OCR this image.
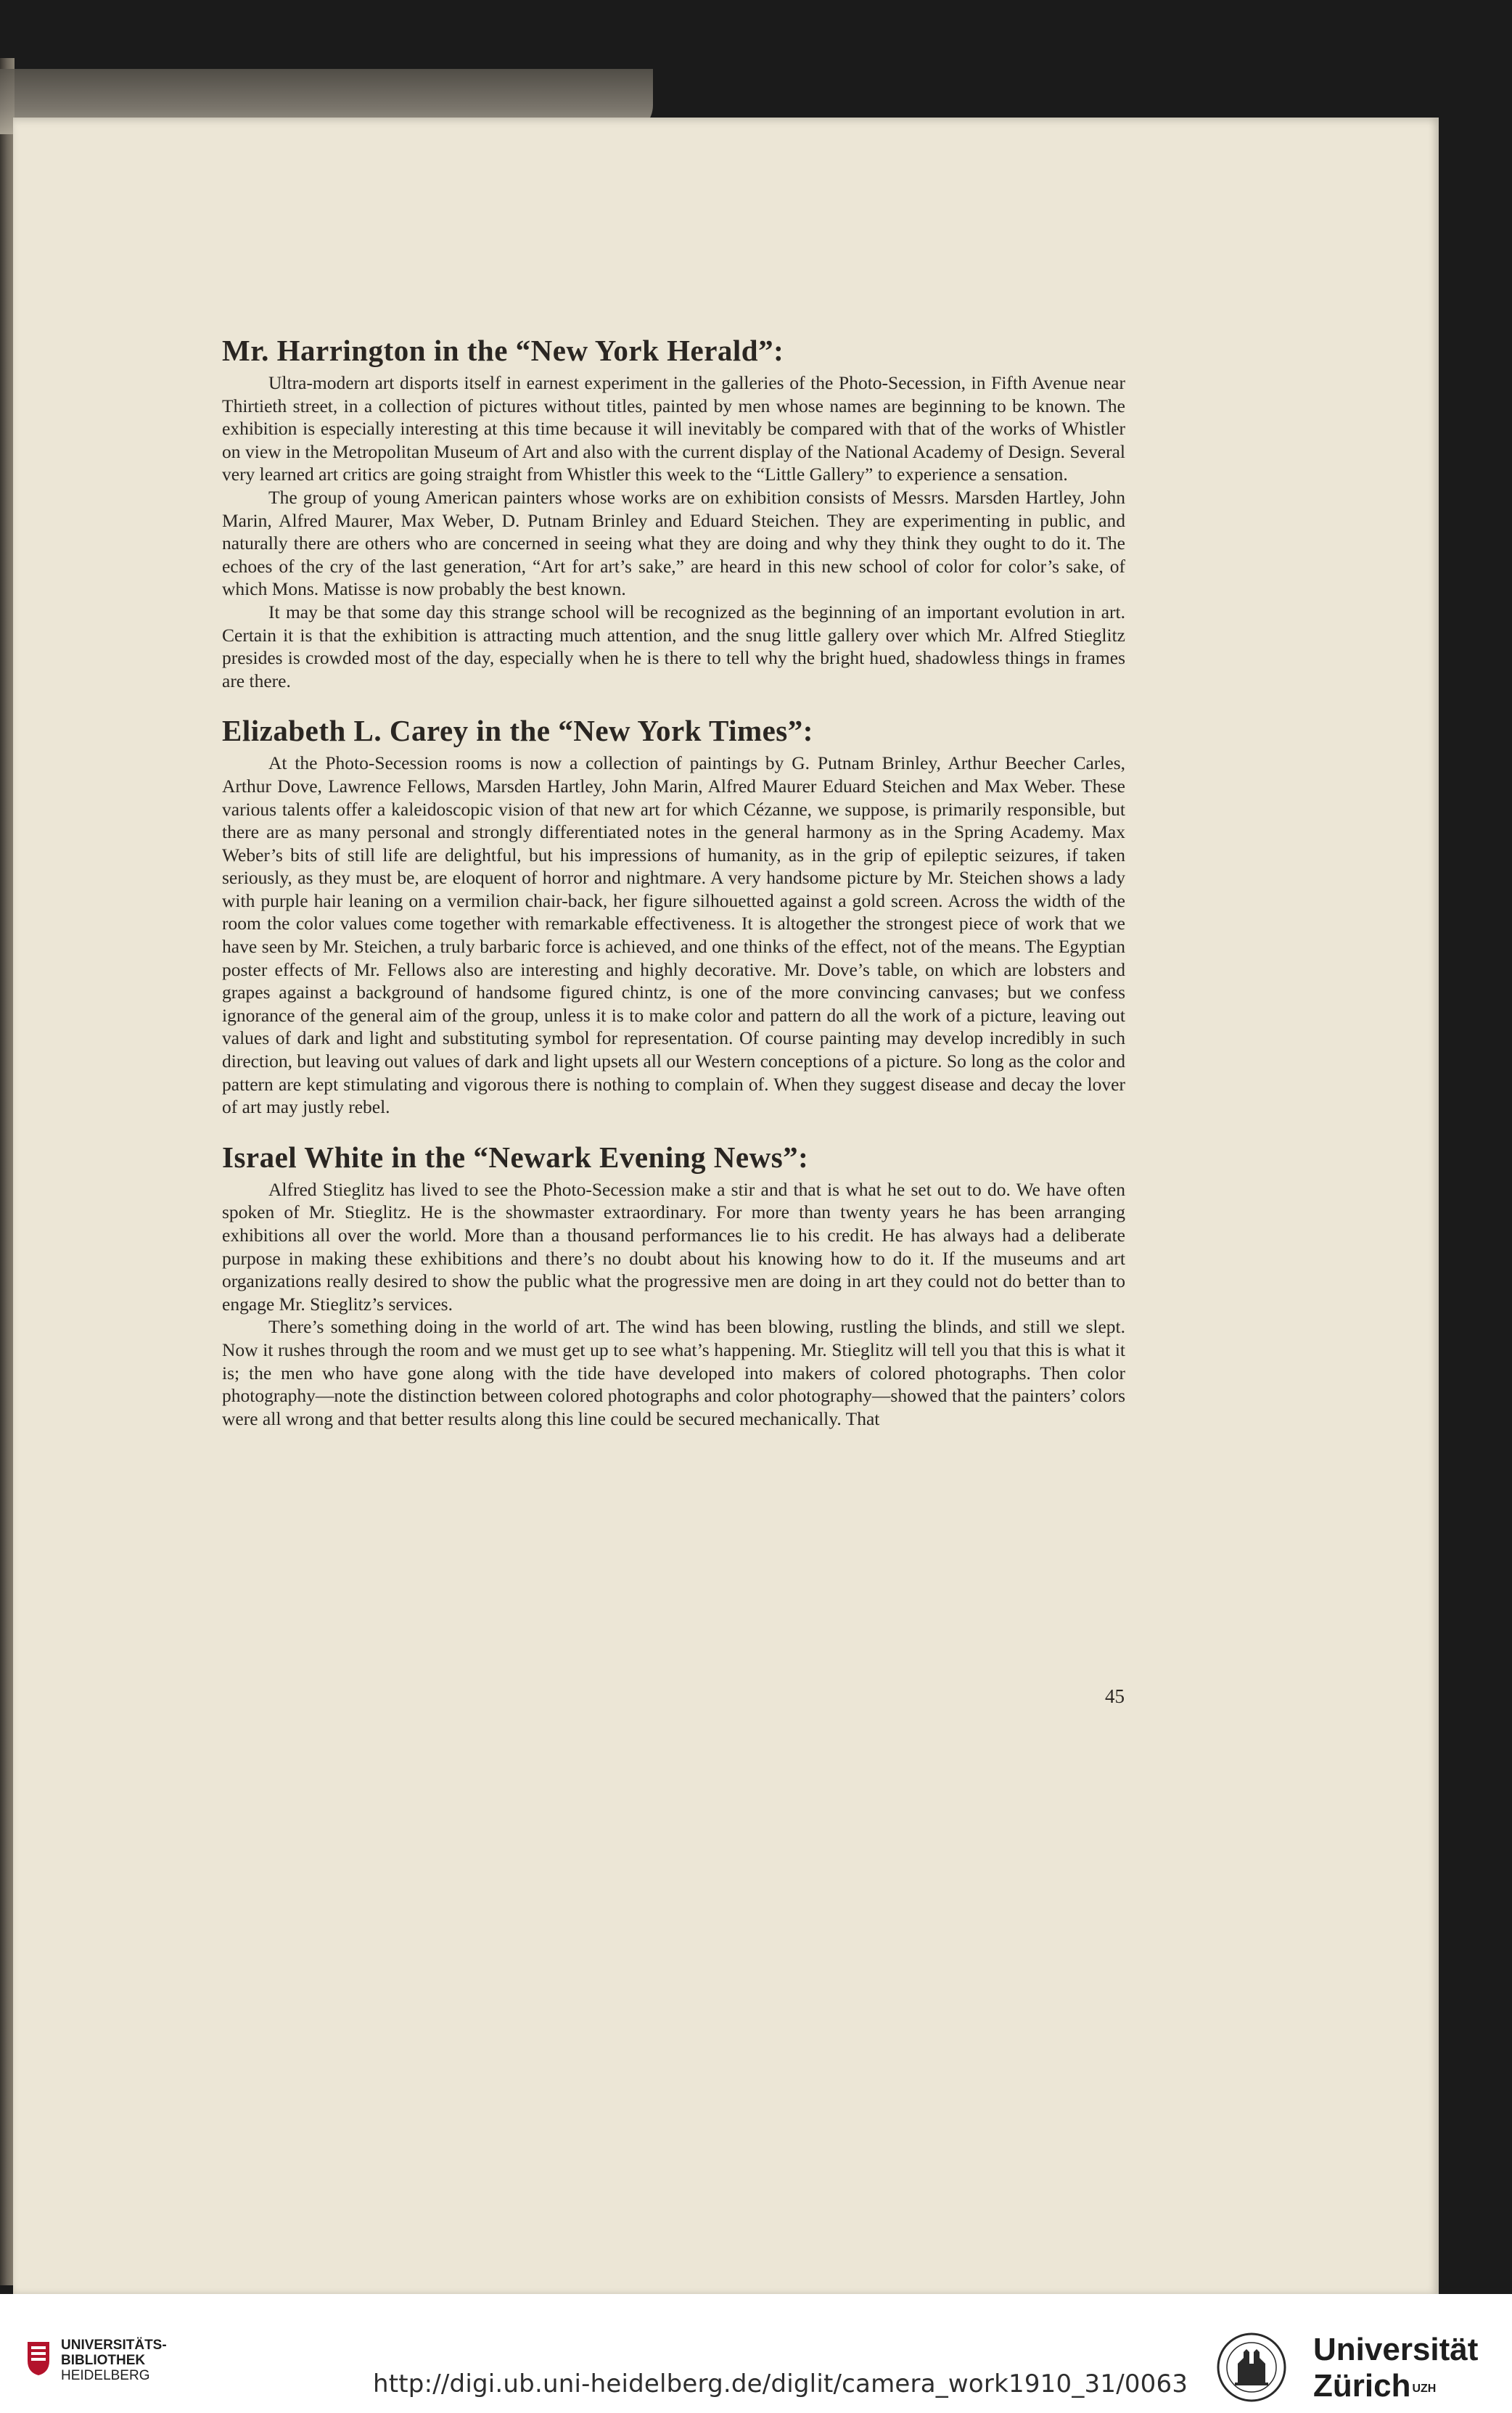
Mr. Harrington in the “New York Herald”:

Ultra-modern art disports itself in earnest experiment in the galleries of the Photo-Secession, in Fifth Avenue near Thirtieth street, in a collection of pictures without titles, painted by men whose names are beginning to be known. The exhibition is especially interesting at this time because it will inevitably be compared with that of the works of Whistler on view in the Metropolitan Museum of Art and also with the current display of the National Academy of Design. Several very learned art critics are going straight from Whistler this week to the “Little Gallery” to experience a sensation.

The group of young American painters whose works are on exhibition consists of Messrs. Marsden Hartley, John Marin, Alfred Maurer, Max Weber, D. Putnam Brinley and Eduard Steichen. They are experimenting in public, and naturally there are others who are concerned in seeing what they are doing and why they think they ought to do it. The echoes of the cry of the last generation, “Art for art’s sake,” are heard in this new school of color for color’s sake, of which Mons. Matisse is now probably the best known.

It may be that some day this strange school will be recognized as the beginning of an important evolution in art. Certain it is that the exhibition is attracting much attention, and the snug little gallery over which Mr. Alfred Stieglitz presides is crowded most of the day, especially when he is there to tell why the bright hued, shadowless things in frames are there.

Elizabeth L. Carey in the “New York Times”:

At the Photo-Secession rooms is now a collection of paintings by G. Putnam Brinley, Arthur Beecher Carles, Arthur Dove, Lawrence Fellows, Marsden Hartley, John Marin, Alfred Maurer Eduard Steichen and Max Weber. These various talents offer a kaleidoscopic vision of that new art for which Cézanne, we suppose, is primarily responsible, but there are as many personal and strongly differentiated notes in the general harmony as in the Spring Academy. Max Weber’s bits of still life are delightful, but his impressions of humanity, as in the grip of epileptic seizures, if taken seriously, as they must be, are eloquent of horror and nightmare. A very handsome picture by Mr. Steichen shows a lady with purple hair leaning on a vermilion chair-back, her figure silhouetted against a gold screen. Across the width of the room the color values come together with remarkable effectiveness. It is altogether the strongest piece of work that we have seen by Mr. Steichen, a truly barbaric force is achieved, and one thinks of the effect, not of the means. The Egyptian poster effects of Mr. Fellows also are interesting and highly decorative. Mr. Dove’s table, on which are lobsters and grapes against a background of handsome figured chintz, is one of the more convincing canvases; but we confess ignorance of the general aim of the group, unless it is to make color and pattern do all the work of a picture, leaving out values of dark and light and substituting symbol for representation. Of course painting may develop incredibly in such direction, but leaving out values of dark and light upsets all our Western conceptions of a picture. So long as the color and pattern are kept stimulating and vigorous there is nothing to complain of. When they suggest disease and decay the lover of art may justly rebel.

Israel White in the “Newark Evening News”:

Alfred Stieglitz has lived to see the Photo-Secession make a stir and that is what he set out to do. We have often spoken of Mr. Stieglitz. He is the showmaster extraordinary. For more than twenty years he has been arranging exhibitions all over the world. More than a thousand performances lie to his credit. He has always had a deliberate purpose in making these exhibitions and there’s no doubt about his knowing how to do it. If the museums and art organizations really desired to show the public what the progressive men are doing in art they could not do better than to engage Mr. Stieglitz’s services.

There’s something doing in the world of art. The wind has been blowing, rustling the blinds, and still we slept. Now it rushes through the room and we must get up to see what’s happening. Mr. Stieglitz will tell you that this is what it is; the men who have gone along with the tide have developed into makers of colored photographs. Then color photography—note the distinction between colored photographs and color photography—showed that the painters’ colors were all wrong and that better results along this line could be secured mechanically. That

45
UNIVERSITÄTS-
BIBLIOTHEK
HEIDELBERG	http://digi.ub.uni-heidelberg.de/diglit/camera_work1910_31/0063
Universität
Zürich $^{UZH}$
